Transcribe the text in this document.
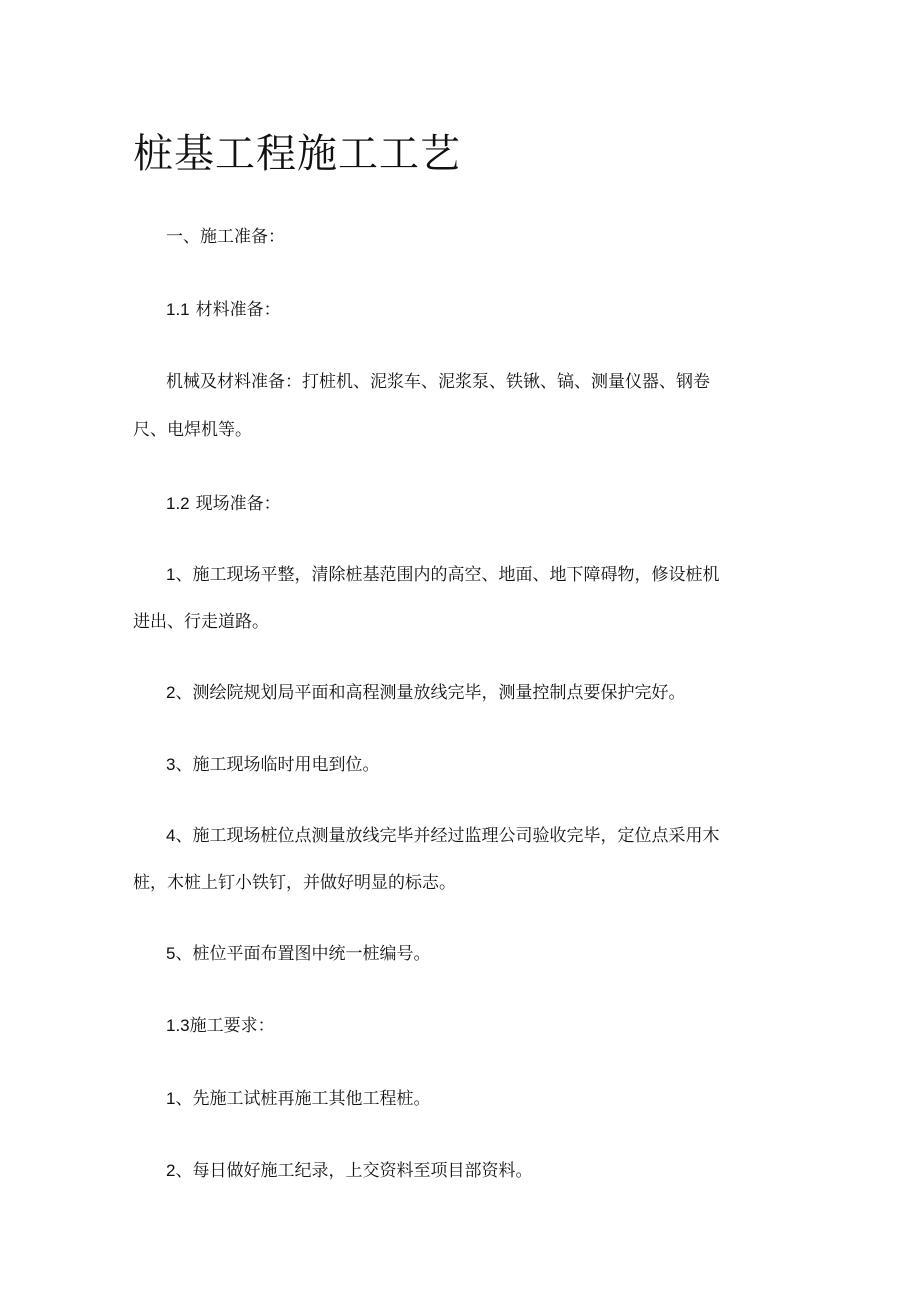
桩基工程施工工艺

一、施工准备：

1.1 材料准备：

机械及材料准备：打桩机、泥浆车、泥浆泵、铁锹、镐、测量仪器、钢卷

尺、电焊机等。

1.2 现场准备：

1、施工现场平整，清除桩基范围内的高空、地面、地下障碍物，修设桩机

进出、行走道路。

2、测绘院规划局平面和高程测量放线完毕，测量控制点要保护完好。

3、施工现场临时用电到位。

4、施工现场桩位点测量放线完毕并经过监理公司验收完毕，定位点采用木

桩，木桩上钉小铁钉，并做好明显的标志。

5、桩位平面布置图中统一桩编号。

1.3施工要求：

1、先施工试桩再施工其他工程桩。

2、每日做好施工纪录，上交资料至项目部资料。
